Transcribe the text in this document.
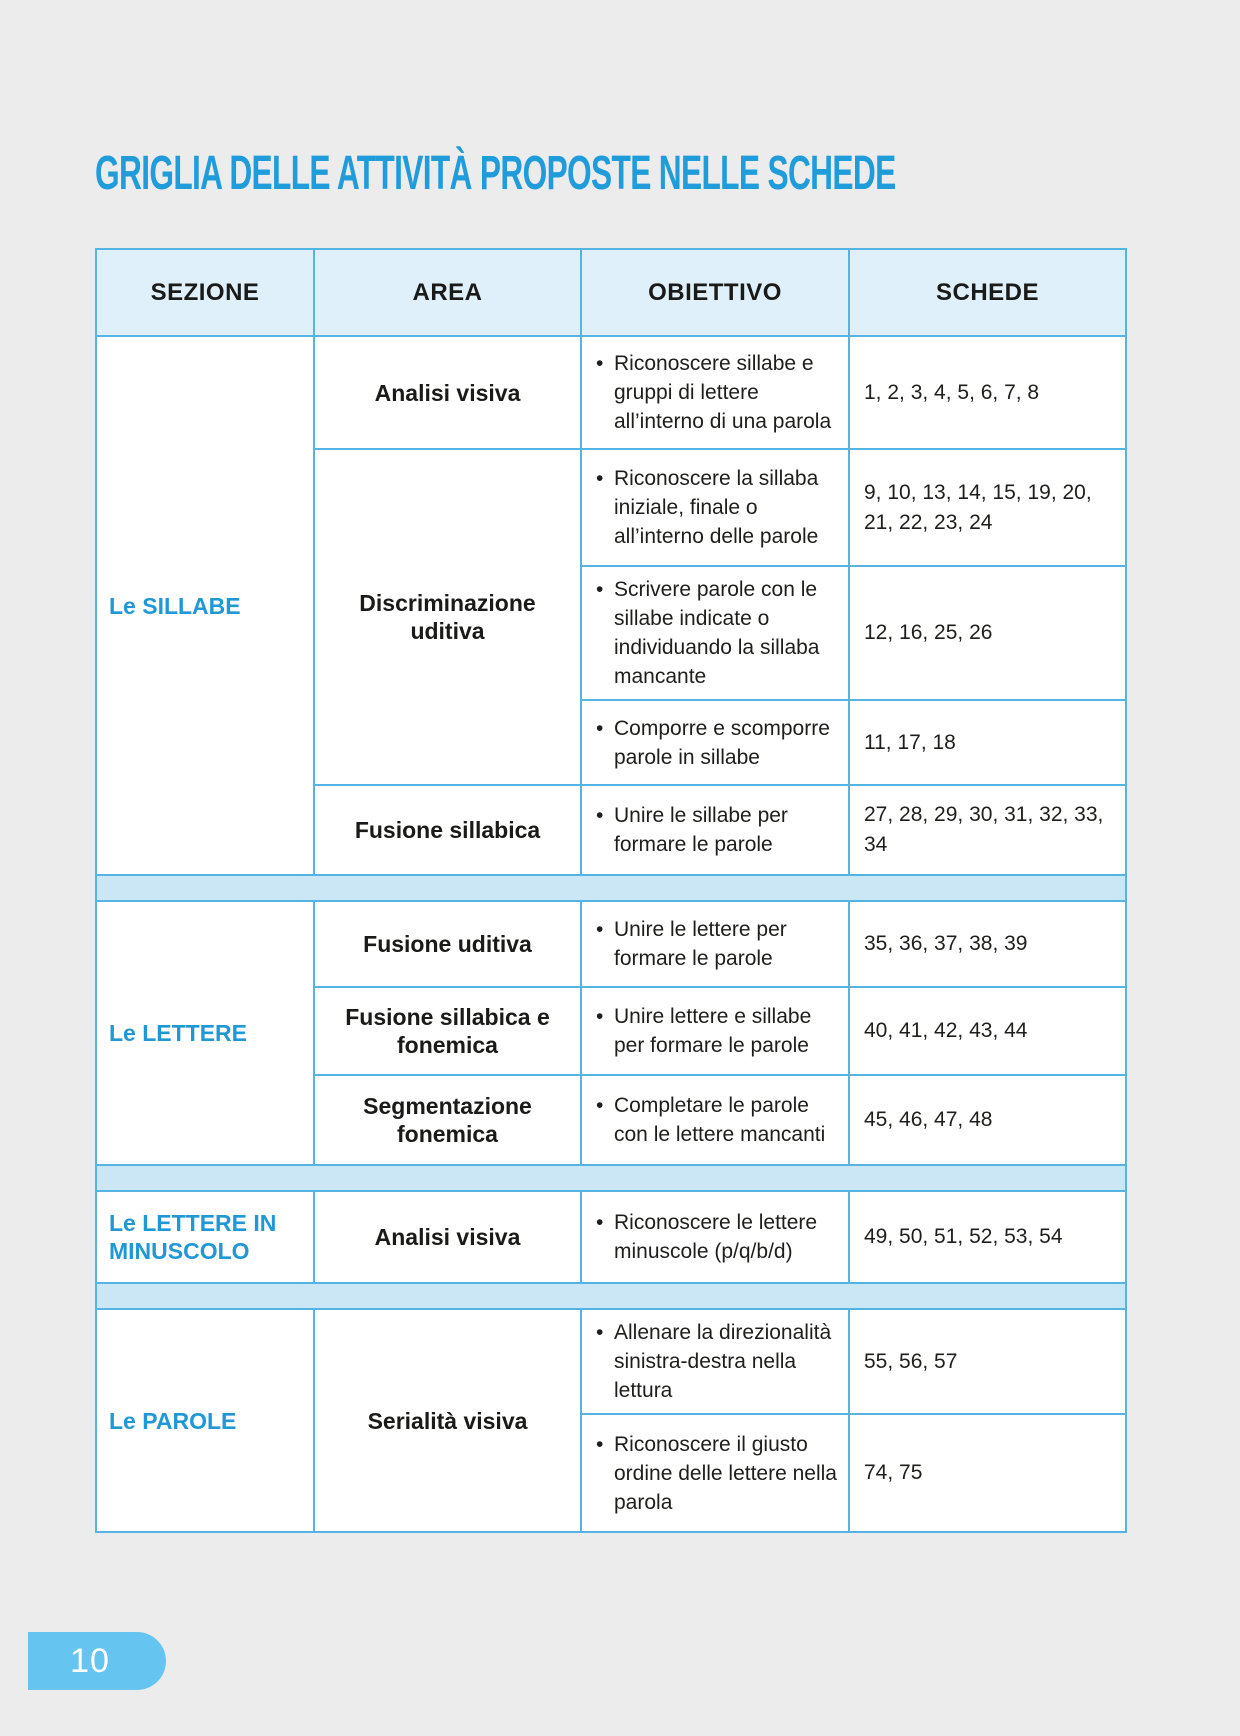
GRIGLIA DELLE ATTIVITÀ PROPOSTE NELLE SCHEDE
SEZIONE	AREA	OBIETTIVO	SCHEDE
Le SILLABE	Analisi visiva	• Riconoscere sillabe e gruppi di lettere all’interno di una parola	1, 2, 3, 4, 5, 6, 7, 8
	Discriminazione uditiva	• Riconoscere la sillaba iniziale, finale o all’interno delle parole	9, 10, 13, 14, 15, 19, 20, 21, 22, 23, 24

		• Scrivere parole con le sillabe indicate o individuando la sillaba mancante	12, 16, 25, 26

		• Comporre e scomporre parole in sillabe	11, 17, 18
	Fusione sillabica	• Unire le sillabe per formare le parole	27, 28, 29, 30, 31, 32, 33, 34

Le LETTERE	Fusione uditiva	• Unire le lettere per formare le parole	35, 36, 37, 38, 39
	Fusione sillabica e fonemica	• Unire lettere e sillabe per formare le parole	40, 41, 42, 43, 44
	Segmentazione fonemica	• Completare le parole con le lettere mancanti	45, 46, 47, 48

Le LETTERE IN MINUSCOLO	Analisi visiva	• Riconoscere le lettere minuscole (p/q/b/d)	49, 50, 51, 52, 53, 54

Le PAROLE	Serialità visiva	• Allenare la direzionalità sinistra-destra nella lettura	55, 56, 57

		• Riconoscere il giusto ordine delle lettere nella parola	74, 75
10
